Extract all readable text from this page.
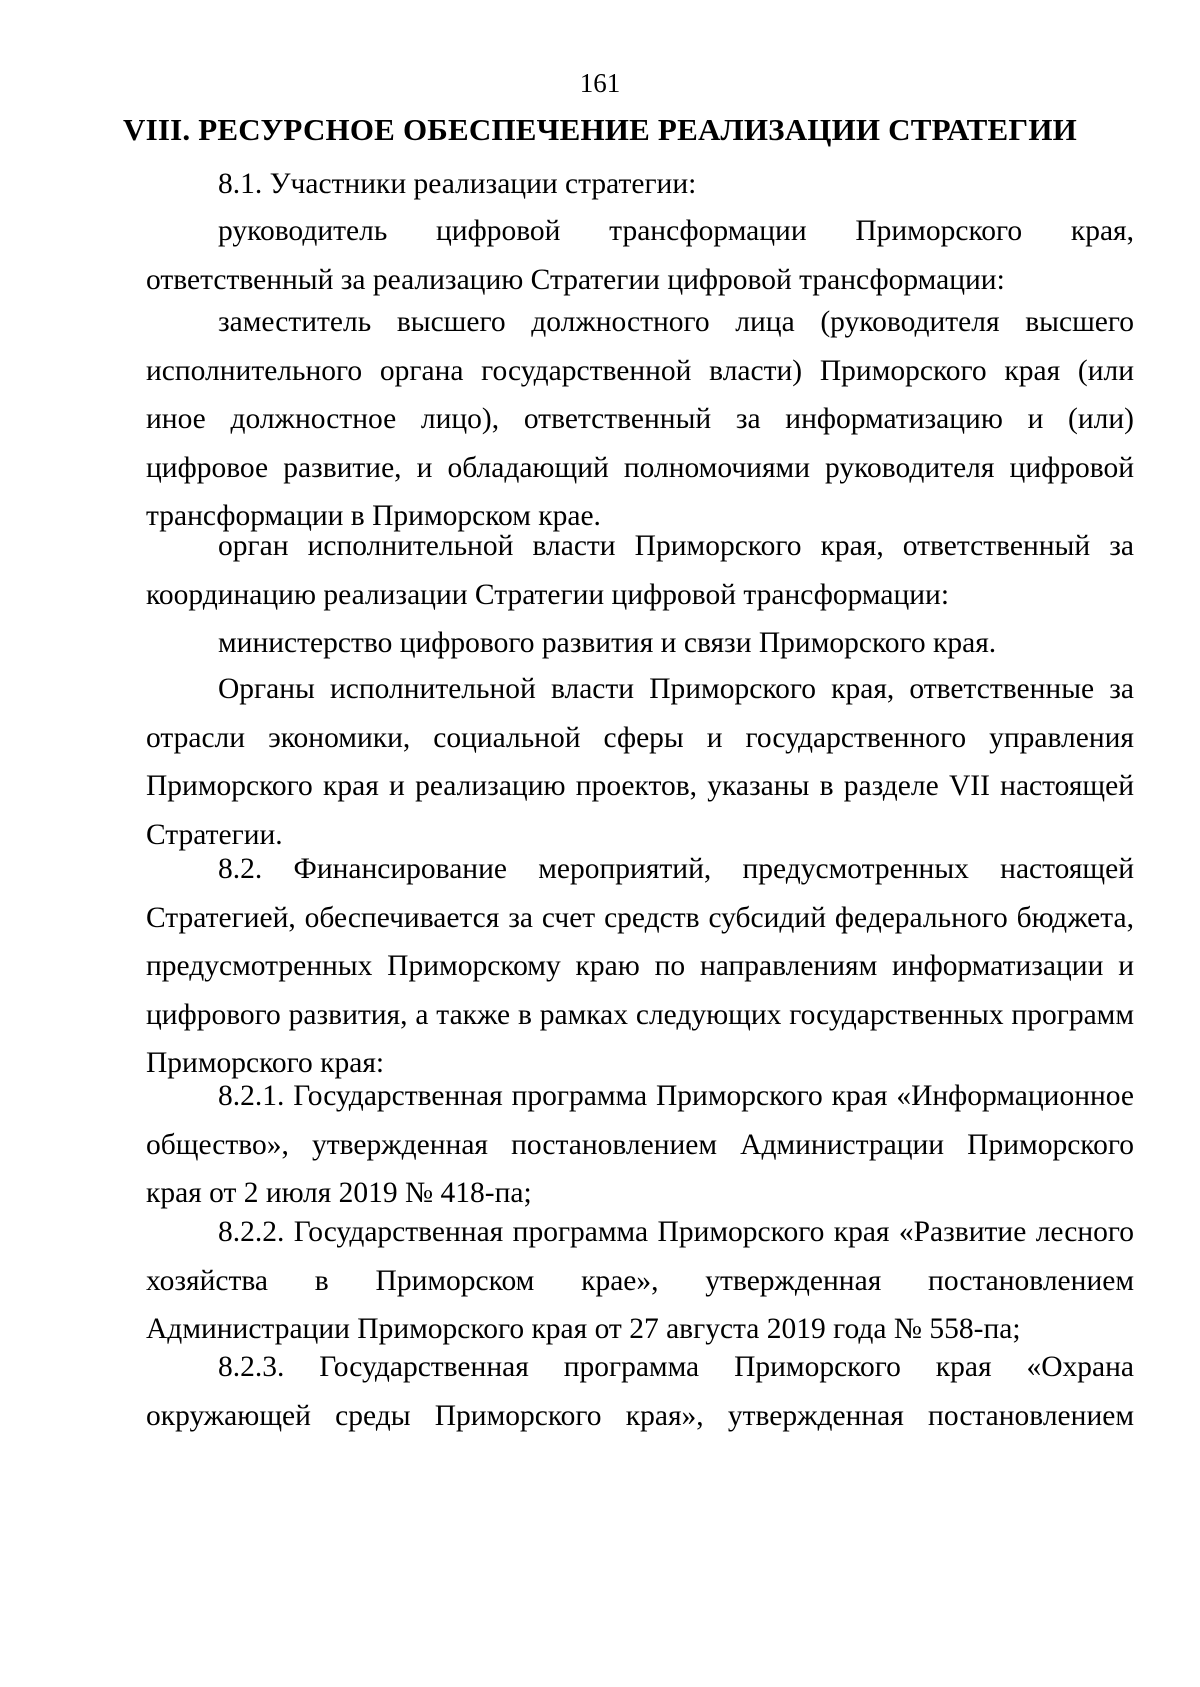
161
VIII. РЕСУРСНОЕ ОБЕСПЕЧЕНИЕ РЕАЛИЗАЦИИ СТРАТЕГИИ

8.1. Участники реализации стратегии:

руководитель цифровой трансформации Приморского края, ответственный за реализацию Стратегии цифровой трансформации:

заместитель высшего должностного лица (руководителя высшего исполнительного органа государственной власти) Приморского края (или иное должностное лицо), ответственный за информатизацию и (или) цифровое развитие, и обладающий полномочиями руководителя цифровой трансформации в Приморском крае.

орган исполнительной власти Приморского края, ответственный за координацию реализации Стратегии цифровой трансформации:

министерство цифрового развития и связи Приморского края.

Органы исполнительной власти Приморского края, ответственные за отрасли экономики, социальной сферы и государственного управления Приморского края и реализацию проектов, указаны в разделе VII настоящей Стратегии.

8.2. Финансирование мероприятий, предусмотренных настоящей Стратегией, обеспечивается за счет средств субсидий федерального бюджета, предусмотренных Приморскому краю по направлениям информатизации и цифрового развития, а также в рамках следующих государственных программ Приморского края:

8.2.1. Государственная программа Приморского края «Информационное общество», утвержденная постановлением Администрации Приморского края от 2 июля 2019 № 418-па;

8.2.2. Государственная программа Приморского края «Развитие лесного хозяйства в Приморском крае», утвержденная постановлением Администрации Приморского края от 27 августа 2019 года № 558-па;

8.2.3. Государственная программа Приморского края «Охрана окружающей среды Приморского края», утвержденная постановлением
